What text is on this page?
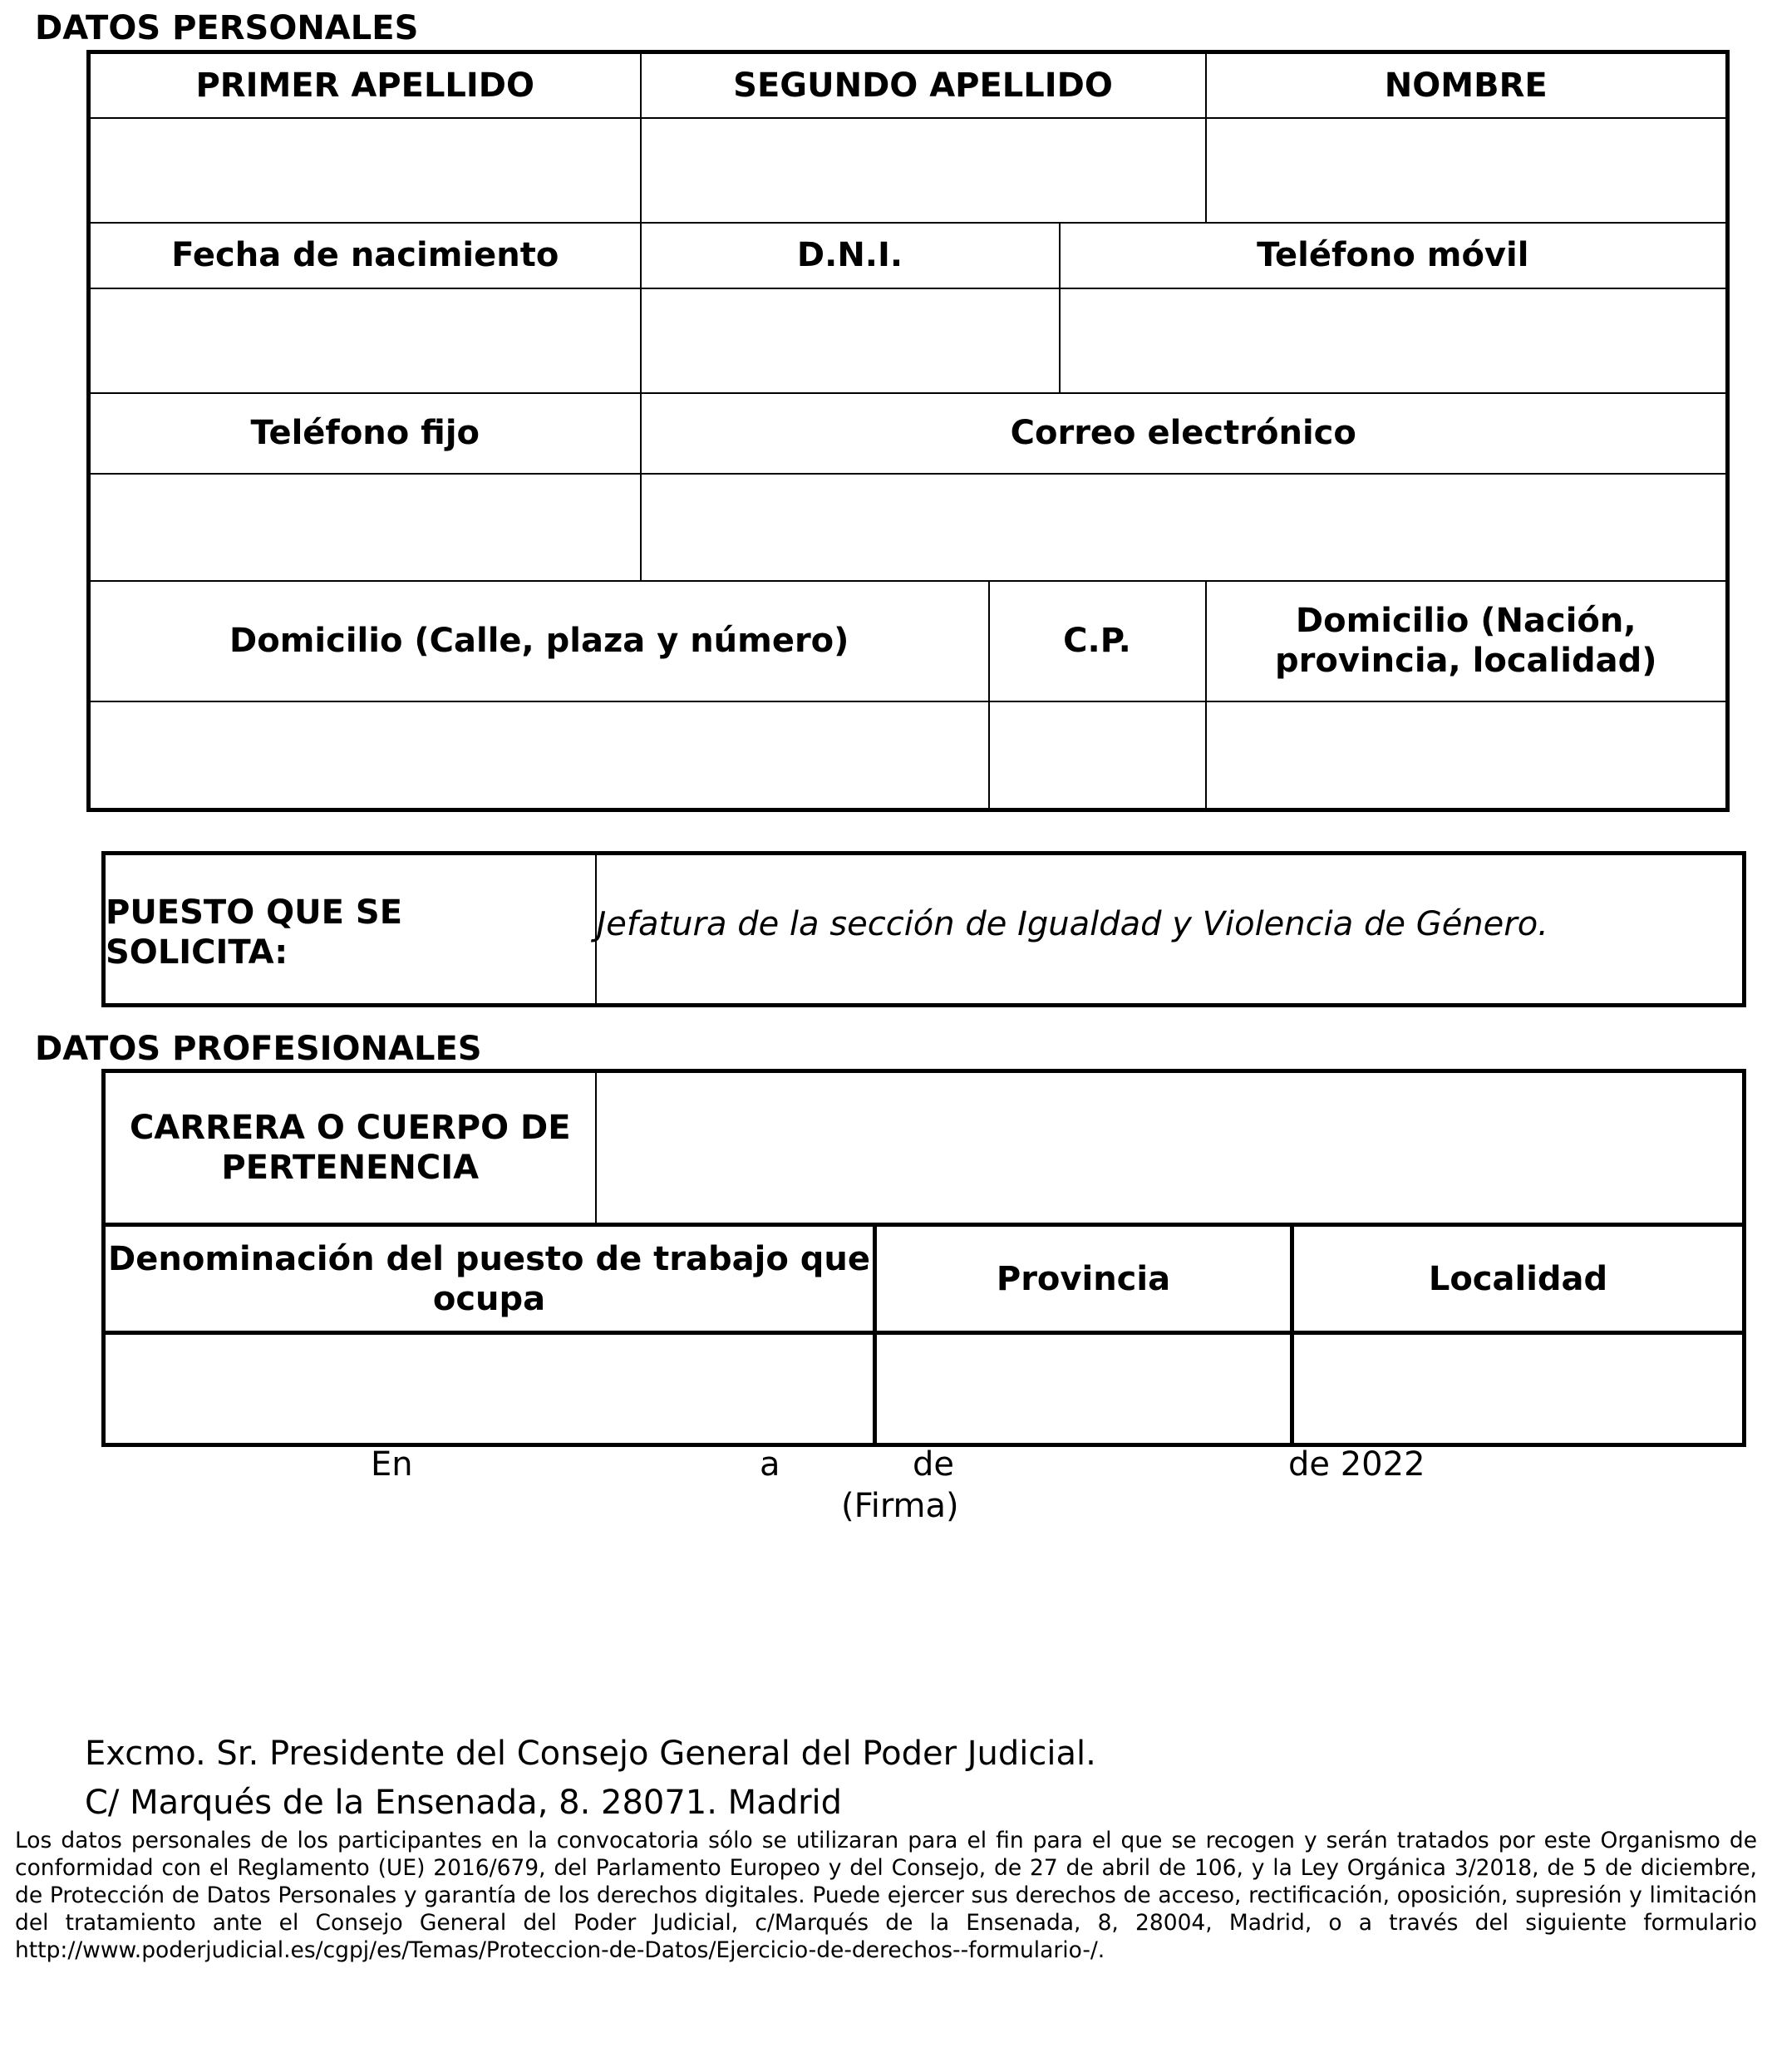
DATOS PERSONALES
PRIMER APELLIDO	SEGUNDO APELLIDO			NOMBRE

Fecha de nacimiento	D.N.I.		Teléfono móvil	

Teléfono fijo	Correo electrónico			

Domicilio (Calle, plaza y número)		C.P.		Domicilio (Nación,
provincia, localidad)

PUESTO QUE SE
SOLICITA:
	Jefatura de la sección de Igualdad y Violencia de Género.
DATOS PROFESIONALES
CARRERA O CUERPO DE
PERTENENCIA			

Denominación del puesto de trabajo que
ocupa		Provincia	Localidad

En	a	de	de 2022
(Firma)
Excmo. Sr. Presidente del Consejo General del Poder Judicial.
C/ Marqués de la Ensenada, 8. 28071. Madrid
Los datos personales de los participantes en la convocatoria sólo se utilizaran para el fin para el que se recogen y serán tratados por este Organismo de conformidad con el Reglamento (UE) 2016/679, del Parlamento Europeo y del Consejo, de 27 de abril de 106, y la Ley Orgánica 3/2018, de 5 de diciembre, de Protección de Datos Personales y garantía de los derechos digitales. Puede ejercer sus derechos de acceso, rectificación, oposición, supresión y limitación del tratamiento ante el Consejo General del Poder Judicial, c/Marqués de la Ensenada, 8, 28004, Madrid, o a través del siguiente formulario http://www.poderjudicial.es/cgpj/es/Temas/Proteccion-de-Datos/Ejercicio-de-derechos--formulario-/.
